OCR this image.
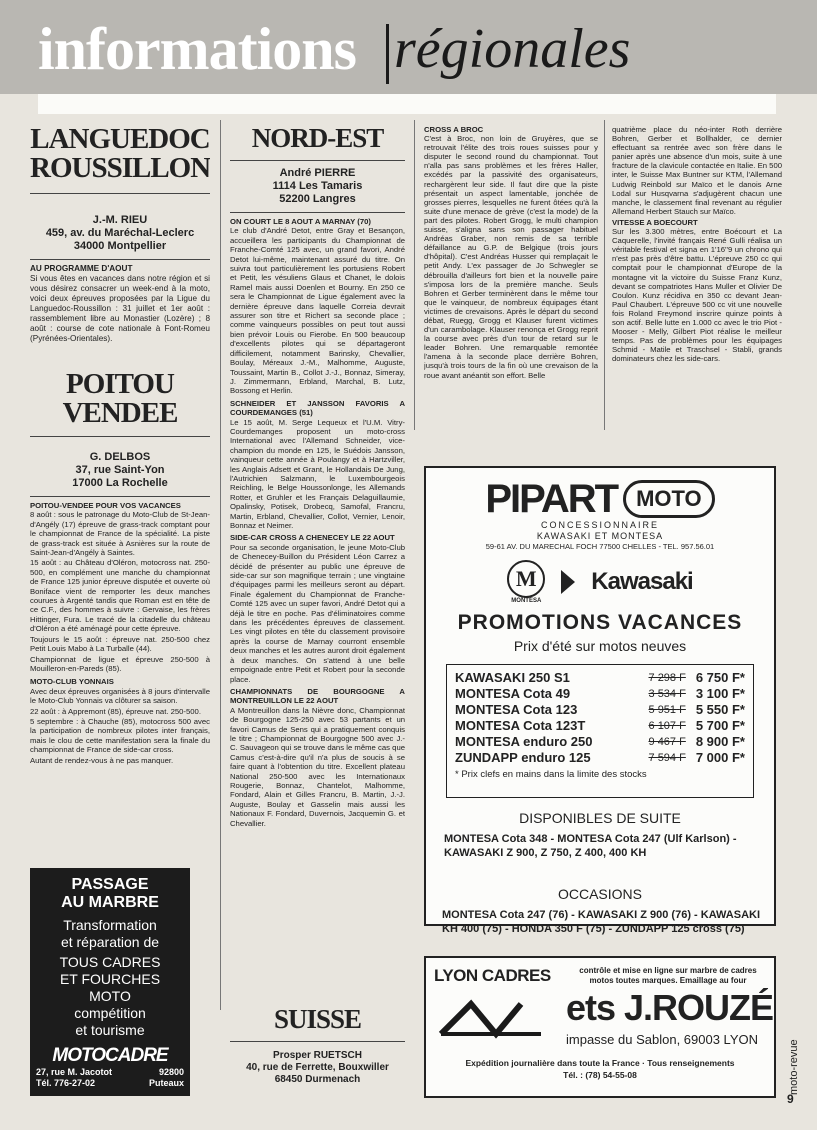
informations régionales
LANGUEDOC
ROUSSILLON
J.-M. RIEU
459, av. du Maréchal-Leclerc
34000 Montpellier
AU PROGRAMME D'AOUT

Si vous êtes en vacances dans notre région et si vous désirez consacrer un week-end à la moto, voici deux épreuves proposées par la Ligue du Languedoc-Roussillon : 31 juillet et 1er août : rassemblement libre au Monastier (Lozère) ; 8 août : course de cote nationale à Font-Romeu (Pyrénées-Orientales).

POITOU
VENDEE
G. DELBOS
37, rue Saint-Yon
17000 La Rochelle
POITOU-VENDEE POUR VOS VACANCES

8 août : sous le patronage du Moto-Club de St-Jean-d'Angély (17) épreuve de grass-track comptant pour le championnat de France de la spécialité. La piste de grass-track est située à Asnières sur la route de Saint-Jean-d'Angély à Saintes.

15 août : au Château d'Oléron, motocross nat. 250-500, en complément une manche du championnat de France 125 junior épreuve disputée et ouverte où Boniface vient de remporter les deux manches courues à Argenté tandis que Roman est en tête de ce C.F., des hommes à suivre : Gervaise, les frères Hittinger, Fura. Le tracé de la citadelle du château d'Oléron a été aménagé pour cette épreuve.

Toujours le 15 août : épreuve nat. 250-500 chez Petit Louis Mabo à La Turballe (44).

Championnat de ligue et épreuve 250-500 à Mouilleron-en-Pareds (85).

MOTO-CLUB YONNAIS

Avec deux épreuves organisées à 8 jours d'intervalle le Moto-Club Yonnais va clôturer sa saison.

22 août : à Appremont (85), épreuve nat. 250-500.

5 septembre : à Chauche (85), motocross 500 avec la participation de nombreux pilotes inter français, mais le clou de cette manifestation sera la finale du championnat de France de side-car cross.

Autant de rendez-vous à ne pas manquer.

PASSAGE
AU MARBRE
Transformation
et réparation de
TOUS CADRES
ET FOURCHES
MOTO
compétition
et tourisme
MOTOCADRE
27, rue M. Jacotot	92800
Tél. 776-27-02	Puteaux
NORD-EST
André PIERRE
1114 Les Tamaris
52200 Langres
ON COURT LE 8 AOUT A MARNAY (70)

Le club d'André Detot, entre Gray et Besançon, accueillera les participants du Championnat de Franche-Comté 125 avec, un grand favori, André Detot lui-même, maintenant assuré du titre. On suivra tout particulièrement les portusiens Robert et Petit, les vésuliens Glaus et Chanet, le dolois Ramel mais aussi Doenlen et Bourny. En 250 ce sera le Championnat de Ligue également avec la dernière épreuve dans laquelle Correia devrait assurer son titre et Richert sa seconde place ; comme vainqueurs possibles on peut tout aussi bien prévoir Louis ou Fierobe. En 500 beaucoup d'excellents pilotes qui se départageront difficilement, notamment Barinsky, Chevallier, Boulay, Méreaux J.-M., Malhomme, Auguste, Toussaint, Martin B., Collot J.-J., Bonnaz, Simeray, J. Zimmermann, Erbland, Marchal, B. Lutz, Bossong et Herlin.

SCHNEIDER ET JANSSON FAVORIS A COURDEMANGES (51)

Le 15 août, M. Serge Lequeux et l'U.M. Vitry-Courdemanges proposent un moto-cross International avec l'Allemand Schneider, vice-champion du monde en 125, le Suédois Jansson, vainqueur cette année à Poulangy et à Hartzviller, les Anglais Adsett et Grant, le Hollandais De Jung, l'Autrichien Salzmann, le Luxembourgeois Reichling, le Belge Houssonlonge, les Allemands Rotter, et Gruhler et les Français Delaguillaumie, Opalinsky, Potisek, Drobecq, Samofal, Francru, Martin, Erbland, Chevallier, Collot, Vernier, Lenoir, Bonnaz et Neimer.

SIDE-CAR CROSS A CHENECEY LE 22 AOUT

Pour sa seconde organisation, le jeune Moto-Club de Chenecey-Buillon du Président Léon Carrez a décidé de présenter au public une épreuve de side-car sur son magnifique terrain ; une vingtaine d'équipages parmi les meilleurs seront au départ. Finale également du Championnat de Franche-Comté 125 avec un super favori, André Detot qui a déjà le titre en poche. Pas d'éliminatoires comme dans les précédentes épreuves de classement. Les vingt pilotes en tête du classement provisoire après la course de Marnay courront ensemble deux manches et les autres auront droit également à deux manches. On s'attend à une belle empoignade entre Petit et Robert pour la seconde place.

CHAMPIONNATS DE BOURGOGNE A MONTREUILLON LE 22 AOUT

A Montreuillon dans la Nièvre donc, Championnat de Bourgogne 125-250 avec 53 partants et un favori Camus de Sens qui a pratiquement conquis le titre ; Championnat de Bourgogne 500 avec J.-C. Sauvageon qui se trouve dans le même cas que Camus c'est-à-dire qu'il n'a plus de soucis à se faire quant à l'obtention du titre. Excellent plateau National 250-500 avec les Internationaux Rougerie, Bonnaz, Chantelot, Malhomme, Fondard, Alain et Gilles Francru, B. Martin, J.-J. Auguste, Boulay et Gasselin mais aussi les Nationaux F. Fondard, Duvernois, Jacquemin G. et Chevallier.

SUISSE
Prosper RUETSCH
40, rue de Ferrette, Bouxwiller
68450 Durmenach
CROSS A BROC

C'est à Broc, non loin de Gruyères, que se retrouvait l'élite des trois roues suisses pour y disputer le second round du championnat. Tout n'alla pas sans problèmes et les frères Haller, excédés par la passivité des organisateurs, rechargèrent leur side. Il faut dire que la piste présentait un aspect lamentable, jonchée de grosses pierres, lesquelles ne furent ôtées qu'à la suite d'une menace de grève (c'est la mode) de la part des pilotes. Robert Grogg, le multi champion suisse, s'aligna sans son passager habituel Andréas Graber, non remis de sa terrible défaillance au G.P. de Belgique (trois jours d'hôpital). C'est Andréas Husser qui remplaçait le petit Andy. L'ex passager de Jo Schwegler se débrouilla d'ailleurs fort bien et la nouvelle paire s'imposa lors de la première manche. Seuls Bohren et Gerber terminèrent dans le même tour que le vainqueur, de nombreux équipages étant victimes de crevaisons. Après le départ du second débat, Ruegg, Grogg et Klauser furent victimes d'un carambolage. Klauser renonça et Grogg reprit la course avec près d'un tour de retard sur le leader Bohren. Une remarquable remontée l'amena à la seconde place derrière Bohren, jusqu'à trois tours de la fin où une crevaison de la roue avant anéantit son effort. Belle

quatrième place du néo-inter Roth derrière Bohren, Gerber et Bollhalder, ce dernier effectuant sa rentrée avec son frère dans le panier après une absence d'un mois, suite à une fracture de la clavicule contactée en Italie. En 500 inter, le Suisse Max Buntner sur KTM, l'Allemand Ludwig Reinbold sur Maïco et le danois Arne Lodal sur Husqvarna s'adjugèrent chacun une manche, le classement final revenant au régulier Allemand Herbert Stauch sur Maïco.

VITESSE A BOECOURT

Sur les 3.300 mètres, entre Boécourt et La Caquerelle, l'invité français René Gulli réalisa un véritable festival et signa en 1'16''9 un chrono qui n'est pas près d'être battu. L'épreuve 250 cc qui comptait pour le championnat d'Europe de la montagne vit la victoire du Suisse Franz Kunz, devant se compatriotes Hans Muller et Olivier De Coulon. Kunz récidiva en 350 cc devant Jean-Paul Chaubert. L'épreuve 500 cc vit une nouvelle fois Roland Freymond inscrire quinze points à son actif. Belle lutte en 1.000 cc avec le trio Piot - Mooser - Melly, Gilbert Piot réalise le meilleur temps. Pas de problèmes pour les équipages Schmid - Matile et Traschsel - Stabli, grands dominateurs chez les side-cars.

PIPART MOTO
CONCESSIONNAIRE
KAWASAKI ET MONTESA
59-61 AV. DU MARECHAL FOCH 77500 CHELLES - TEL. 957.56.01
M
MONTESA
Kawasaki
PROMOTIONS VACANCES
Prix d'été sur motos neuves
KAWASAKI 250 S1	7 298 F 6 750 F*
MONTESA Cota 49	3 534 F 3 100 F*
MONTESA Cota 123	5 951 F 5 550 F*
MONTESA Cota 123T	6 107 F 5 700 F*
MONTESA enduro 250	9 467 F 8 900 F*
ZUNDAPP enduro 125	7 594 F 7 000 F*
* Prix clefs en mains dans la limite des stocks
DISPONIBLES DE SUITE
MONTESA Cota 348 - MONTESA Cota 247 (Ulf Karlson) - KAWASAKI Z 900, Z 750, Z 400, 400 KH
OCCASIONS
MONTESA Cota 247 (76) - KAWASAKI Z 900 (76) - KAWASAKI KH 400 (75) - HONDA 350 F (75) - ZUNDAPP 125 cross (75)
LYON CADRES	contrôle et mise en ligne sur marbre de cadres motos toutes marques. Emaillage au four
ets J.ROUZÉ
impasse du Sablon, 69003 LYON
Expédition journalière dans toute la France · Tous renseignements
Tél. : (78) 54-55-08	moto-revue
9
